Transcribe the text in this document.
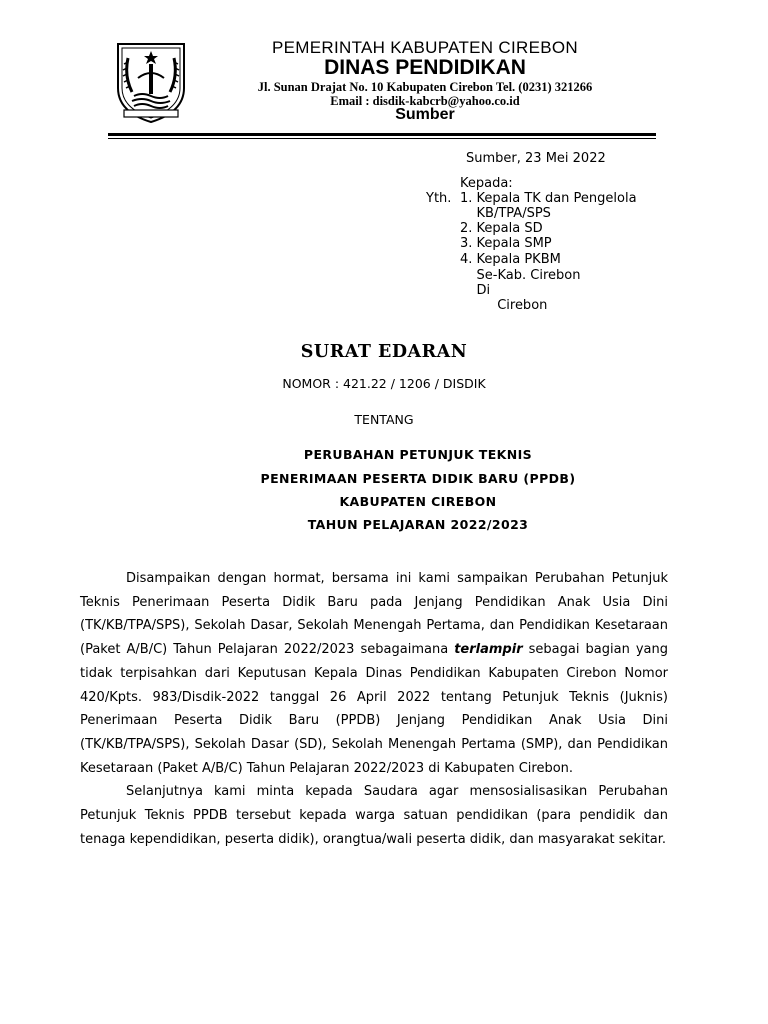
PEMERINTAH KABUPATEN CIREBON
DINAS PENDIDIKAN
Jl. Sunan Drajat No. 10 Kabupaten Cirebon Tel. (0231) 321266
Email : disdik-kabcrb@yahoo.co.id
Sumber
Sumber, 23 Mei 2022
Kepada:
Yth. 1. Kepala TK dan Pengelola
KB/TPA/SPS
2. Kepala SD
3. Kepala SMP
4. Kepala PKBM
Se-Kab. Cirebon
Di
Cirebon
SURAT EDARAN
NOMOR : 421.22 / 1206 / DISDIK
TENTANG
PERUBAHAN PETUNJUK TEKNIS
PENERIMAAN PESERTA DIDIK BARU (PPDB)
KABUPATEN CIREBON
TAHUN PELAJARAN 2022/2023

Disampaikan dengan hormat, bersama ini kami sampaikan Perubahan Petunjuk Teknis Penerimaan Peserta Didik Baru pada Jenjang Pendidikan Anak Usia Dini (TK/KB/TPA/SPS), Sekolah Dasar, Sekolah Menengah Pertama, dan Pendidikan Kesetaraan (Paket A/B/C) Tahun Pelajaran 2022/2023 sebagaimana terlampir sebagai bagian yang tidak terpisahkan dari Keputusan Kepala Dinas Pendidikan Kabupaten Cirebon Nomor 420/Kpts. 983/Disdik-2022 tanggal 26 April 2022 tentang Petunjuk Teknis (Juknis) Penerimaan Peserta Didik Baru (PPDB) Jenjang Pendidikan Anak Usia Dini (TK/KB/TPA/SPS), Sekolah Dasar (SD), Sekolah Menengah Pertama (SMP), dan Pendidikan Kesetaraan (Paket A/B/C) Tahun Pelajaran 2022/2023 di Kabupaten Cirebon.

Selanjutnya kami minta kepada Saudara agar mensosialisasikan Perubahan Petunjuk Teknis PPDB tersebut kepada warga satuan pendidikan (para pendidik dan tenaga kependidikan, peserta didik), orangtua/wali peserta didik, dan masyarakat sekitar.
